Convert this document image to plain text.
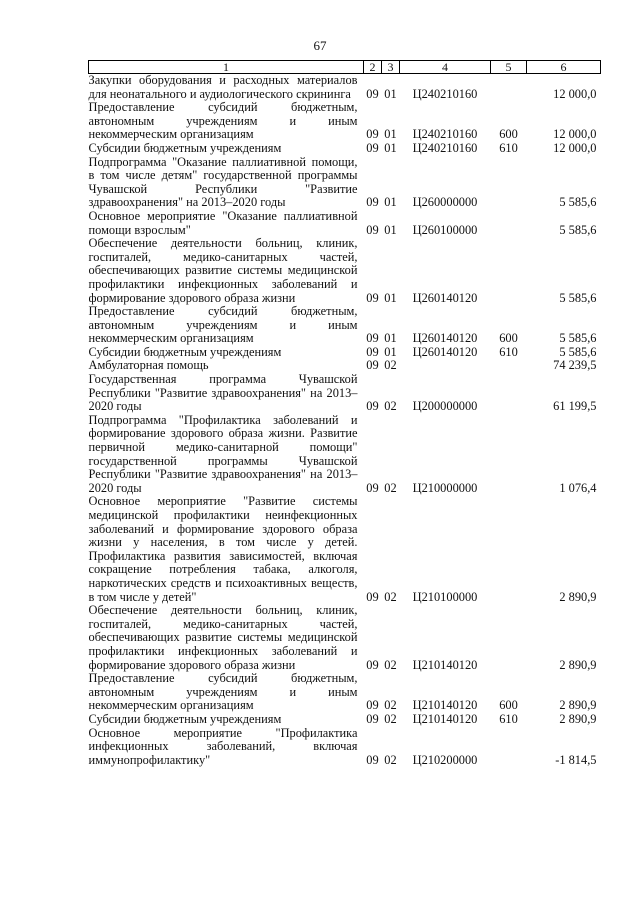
67
1	2	3	4	5	6
Закупки оборудования и расходных материалов для неонатального и аудиологического скрининга	09	01	Ц240210160		12 000,0
Предоставление субсидий бюджетным, автономным учреждениям и иным некоммерческим организациям	09	01	Ц240210160	600	12 000,0
Субсидии бюджетным учреждениям	09	01	Ц240210160	610	12 000,0
Подпрограмма "Оказание паллиативной помощи, в том числе детям" государственной программы Чувашской Республики "Развитие здравоохранения" на 2013–2020 годы	09	01	Ц260000000		5 585,6
Основное мероприятие "Оказание паллиативной помощи взрослым"	09	01	Ц260100000		5 585,6
Обеспечение деятельности больниц, клиник, госпиталей, медико-санитарных частей, обеспечивающих развитие системы медицинской профилактики инфекционных заболеваний и формирование здорового образа жизни	09	01	Ц260140120		5 585,6
Предоставление субсидий бюджетным, автономным учреждениям и иным некоммерческим организациям	09	01	Ц260140120	600	5 585,6
Субсидии бюджетным учреждениям	09	01	Ц260140120	610	5 585,6
Амбулаторная помощь	09	02			74 239,5
Государственная программа Чувашской Республики "Развитие здравоохранения" на 2013–2020 годы	09	02	Ц200000000		61 199,5
Подпрограмма "Профилактика заболеваний и формирование здорового образа жизни. Развитие первичной медико-санитарной помощи" государственной программы Чувашской Республики "Развитие здравоохранения" на 2013–2020 годы	09	02	Ц210000000		1 076,4
Основное мероприятие "Развитие системы медицинской профилактики неинфекционных заболеваний и формирование здорового образа жизни у населения, в том числе у детей. Профилактика развития зависимостей, включая сокращение потребления табака, алкоголя, наркотических средств и психоактивных веществ, в том числе у детей"	09	02	Ц210100000		2 890,9
Обеспечение деятельности больниц, клиник, госпиталей, медико-санитарных частей, обеспечивающих развитие системы медицинской профилактики инфекционных заболеваний и формирование здорового образа жизни	09	02	Ц210140120		2 890,9
Предоставление субсидий бюджетным, автономным учреждениям и иным некоммерческим организациям	09	02	Ц210140120	600	2 890,9
Субсидии бюджетным учреждениям	09	02	Ц210140120	610	2 890,9
Основное мероприятие "Профилактика инфекционных заболеваний, включая иммунопрофилактику"	09	02	Ц210200000		-1 814,5
